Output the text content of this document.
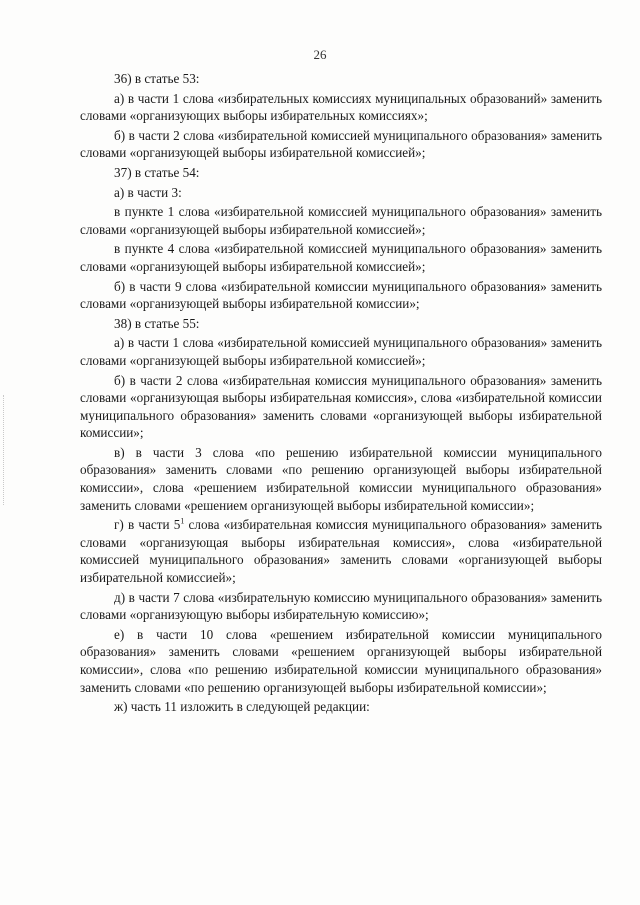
26
36) в статье 53:
а) в части 1 слова «избирательных комиссиях муниципальных образований» заменить словами «организующих выборы избирательных комиссиях»;
б) в части 2 слова «избирательной комиссией муниципального образования» заменить словами «организующей выборы избирательной комиссией»;
37) в статье 54:
а) в части 3:
в пункте 1 слова «избирательной комиссией муниципального образования» заменить словами «организующей выборы избирательной комиссией»;
в пункте 4 слова «избирательной комиссией муниципального образования» заменить словами «организующей выборы избирательной комиссией»;
б) в части 9 слова «избирательной комиссии муниципального образования» заменить словами «организующей выборы избирательной комиссии»;
38) в статье 55:
а) в части 1 слова «избирательной комиссией муниципального образования» заменить словами «организующей выборы избирательной комиссией»;
б) в части 2 слова «избирательная комиссия муниципального образования» заменить словами «организующая выборы избирательная комиссия», слова «избирательной комиссии муниципального образования» заменить словами «организующей выборы избирательной комиссии»;
в) в части 3 слова «по решению избирательной комиссии муниципального образования» заменить словами «по решению организующей выборы избирательной комиссии», слова «решением избирательной комиссии муниципального образования» заменить словами «решением организующей выборы избирательной комиссии»;
г) в части $5^1$ слова «избирательная комиссия муниципального образования» заменить словами «организующая выборы избирательная комиссия», слова «избирательной комиссией муниципального образования» заменить словами «организующей выборы избирательной комиссией»;
д) в части 7 слова «избирательную комиссию муниципального образования» заменить словами «организующую выборы избирательную комиссию»;
е) в части 10 слова «решением избирательной комиссии муниципального образования» заменить словами «решением организующей выборы избирательной комиссии», слова «по решению избирательной комиссии муниципального образования» заменить словами «по решению организующей выборы избирательной комиссии»;
ж) часть 11 изложить в следующей редакции:
